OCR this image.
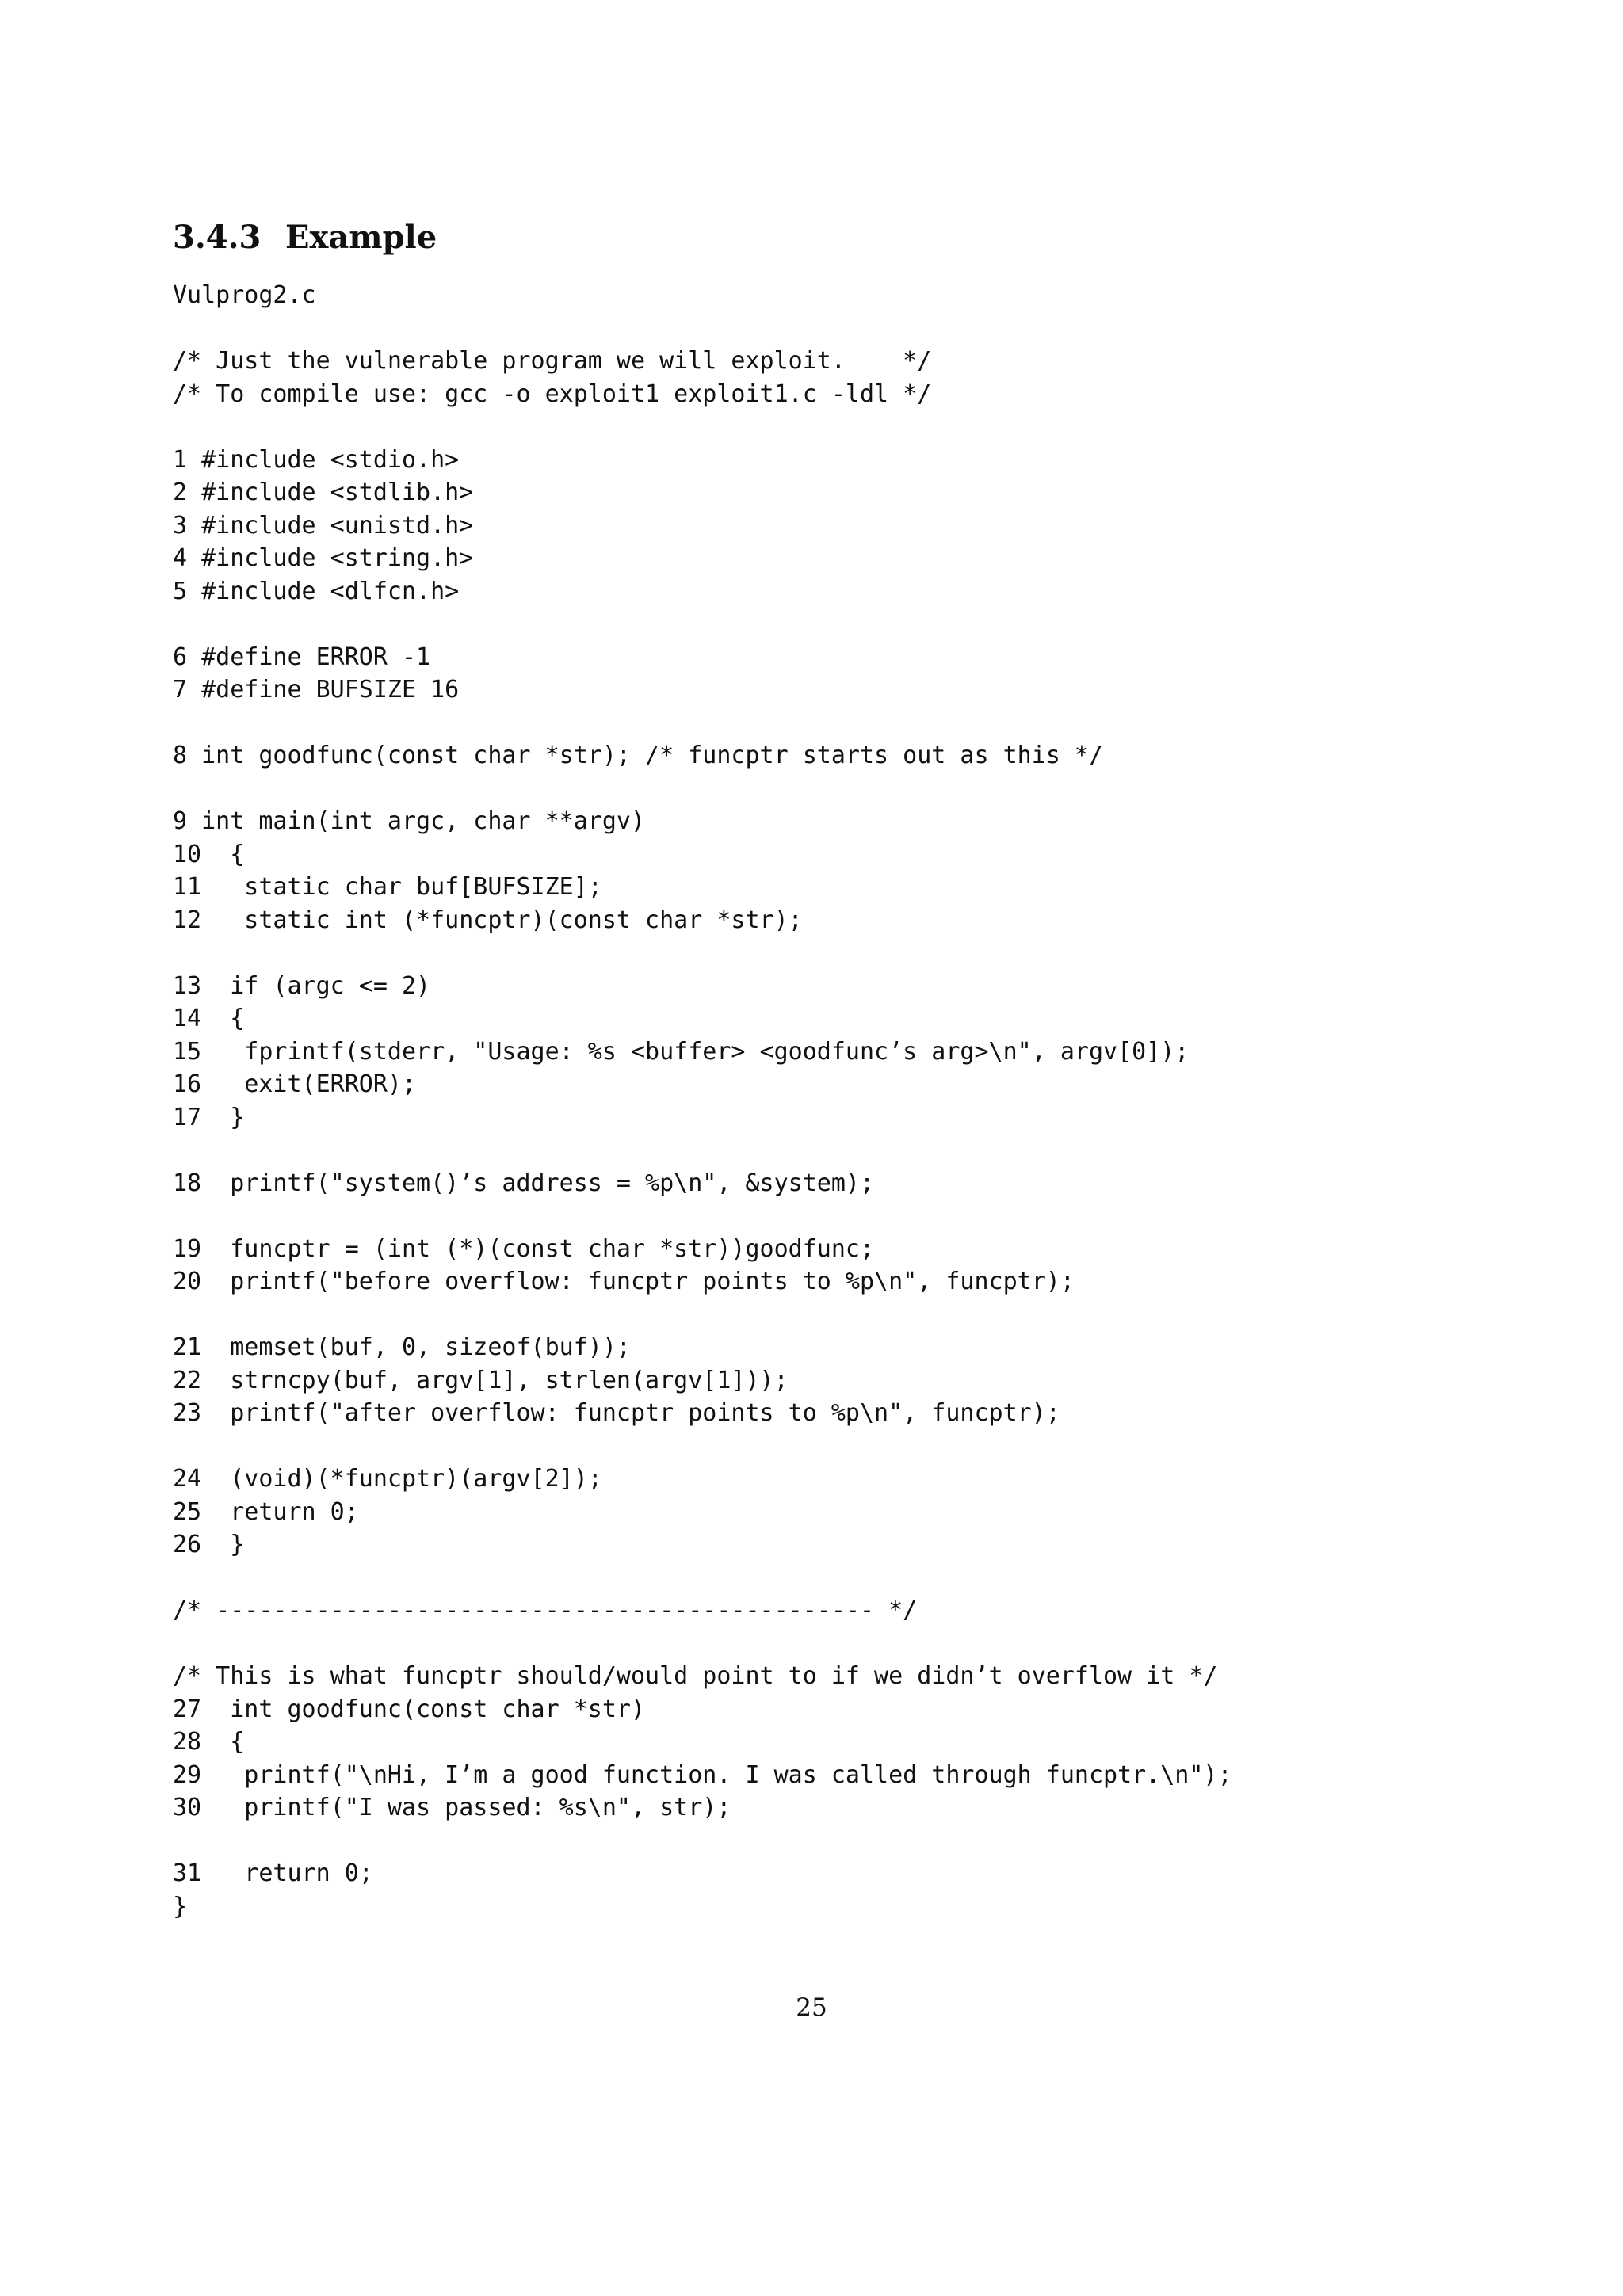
3.4.3 Example
Vulprog2.c
/* Just the vulnerable program we will exploit.    */
/* To compile use: gcc -o exploit1 exploit1.c -ldl */
1 #include <stdio.h>
2 #include <stdlib.h>
3 #include <unistd.h>
4 #include <string.h>
5 #include <dlfcn.h>
6 #define ERROR -1
7 #define BUFSIZE 16
8 int goodfunc(const char *str); /* funcptr starts out as this */
9 int main(int argc, char **argv)
10  {
11   static char buf[BUFSIZE];
12   static int (*funcptr)(const char *str);
13  if (argc <= 2)
14  {
15   fprintf(stderr, "Usage: %s <buffer> <goodfunc’s arg>\n", argv[0]);
16   exit(ERROR);
17  }
18  printf("system()’s address = %p\n", &system);
19  funcptr = (int (*)(const char *str))goodfunc;
20  printf("before overflow: funcptr points to %p\n", funcptr);
21  memset(buf, 0, sizeof(buf));
22  strncpy(buf, argv[1], strlen(argv[1]));
23  printf("after overflow: funcptr points to %p\n", funcptr);
24  (void)(*funcptr)(argv[2]);
25  return 0;
26  }
/* ---------------------------------------------- */
/* This is what funcptr should/would point to if we didn’t overflow it */
27  int goodfunc(const char *str)
28  {
29   printf("\nHi, I’m a good function. I was called through funcptr.\n");
30   printf("I was passed: %s\n", str);
31   return 0;
}
25
